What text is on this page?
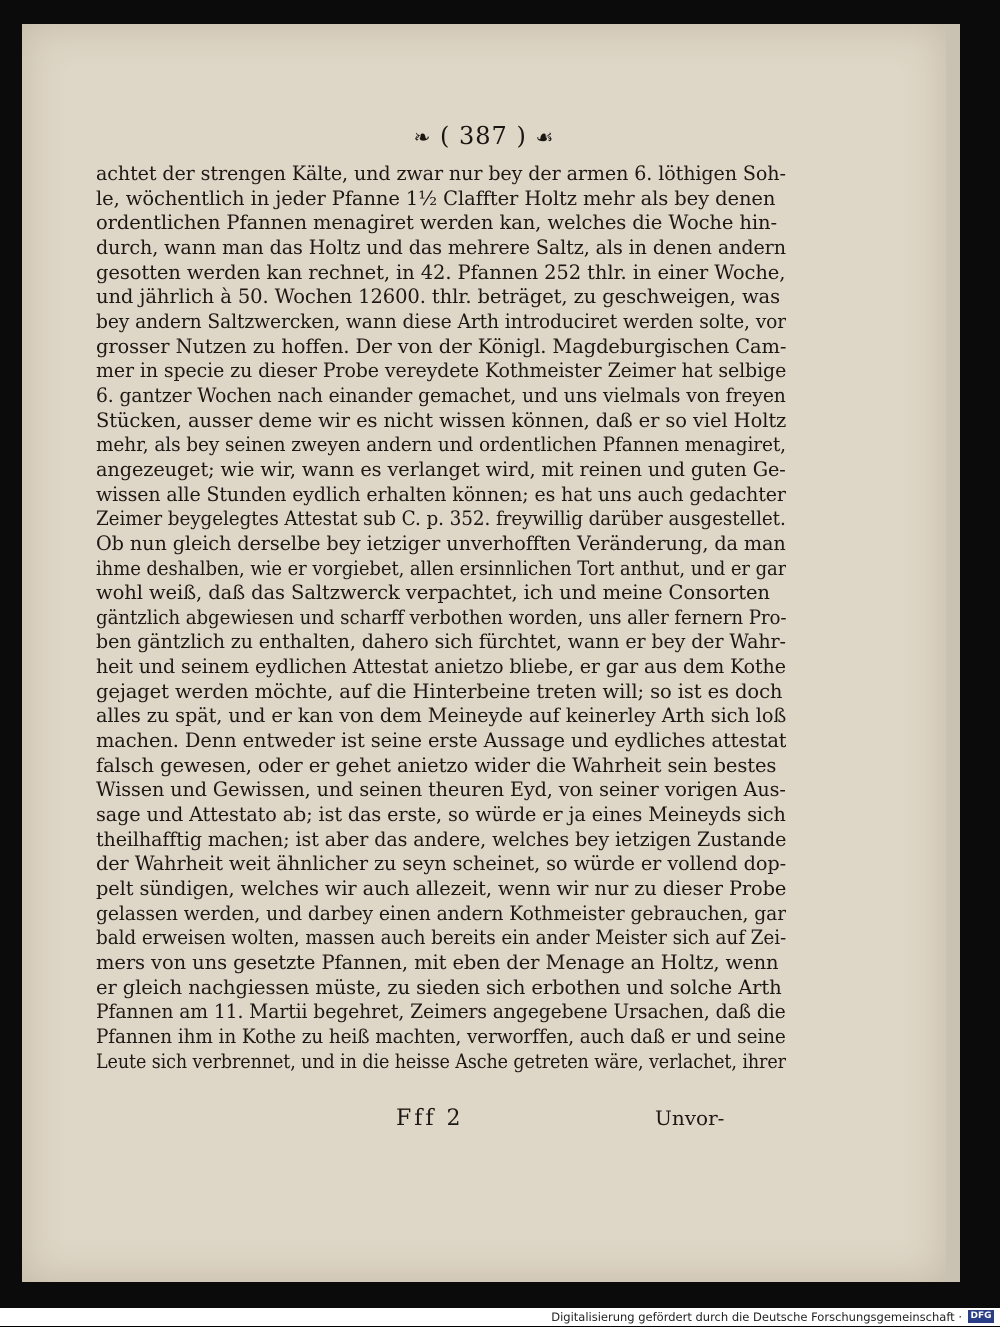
❧ ( 387 ) ☙
achtet der strengen Kälte, und zwar nur bey der armen 6. löthigen Soh-
le, wöchentlich in jeder Pfanne 1½ Claffter Holtz mehr als bey denen
ordentlichen Pfannen menagiret werden kan, welches die Woche hin-
durch, wann man das Holtz und das mehrere Saltz, als in denen andern
gesotten werden kan rechnet, in 42. Pfannen 252 thlr. in einer Woche,
und jährlich à 50. Wochen 12600. thlr. beträget, zu geschweigen, was
bey andern Saltzwercken, wann diese Arth introduciret werden solte, vor
grosser Nutzen zu hoffen. Der von der Königl. Magdeburgischen Cam-
mer in specie zu dieser Probe vereydete Kothmeister Zeimer hat selbige
6. gantzer Wochen nach einander gemachet, und uns vielmals von freyen
Stücken, ausser deme wir es nicht wissen können, daß er so viel Holtz
mehr, als bey seinen zweyen andern und ordentlichen Pfannen menagiret,
angezeuget; wie wir, wann es verlanget wird, mit reinen und guten Ge-
wissen alle Stunden eydlich erhalten können; es hat uns auch gedachter
Zeimer beygelegtes Attestat sub C. p. 352. freywillig darüber ausgestellet.
Ob nun gleich derselbe bey ietziger unverhofften Veränderung, da man
ihme deshalben, wie er vorgiebet, allen ersinnlichen Tort anthut, und er gar
wohl weiß, daß das Saltzwerck verpachtet, ich und meine Consorten
gäntzlich abgewiesen und scharff verbothen worden, uns aller fernern Pro-
ben gäntzlich zu enthalten, dahero sich fürchtet, wann er bey der Wahr-
heit und seinem eydlichen Attestat anietzo bliebe, er gar aus dem Kothe
gejaget werden möchte, auf die Hinterbeine treten will; so ist es doch
alles zu spät, und er kan von dem Meineyde auf keinerley Arth sich loß
machen. Denn entweder ist seine erste Aussage und eydliches attestat
falsch gewesen, oder er gehet anietzo wider die Wahrheit sein bestes
Wissen und Gewissen, und seinen theuren Eyd, von seiner vorigen Aus-
sage und Attestato ab; ist das erste, so würde er ja eines Meineyds sich
theilhafftig machen; ist aber das andere, welches bey ietzigen Zustande
der Wahrheit weit ähnlicher zu seyn scheinet, so würde er vollend dop-
pelt sündigen, welches wir auch allezeit, wenn wir nur zu dieser Probe
gelassen werden, und darbey einen andern Kothmeister gebrauchen, gar
bald erweisen wolten, massen auch bereits ein ander Meister sich auf Zei-
mers von uns gesetzte Pfannen, mit eben der Menage an Holtz, wenn
er gleich nachgiessen müste, zu sieden sich erbothen und solche Arth
Pfannen am 11. Martii begehret, Zeimers angegebene Ursachen, daß die
Pfannen ihm in Kothe zu heiß machten, verworffen, auch daß er und seine
Leute sich verbrennet, und in die heisse Asche getreten wäre, verlachet, ihrer
Fff 2	Unvor-
Digitalisierung gefördert durch die Deutsche Forschungsgemeinschaft · DFG
